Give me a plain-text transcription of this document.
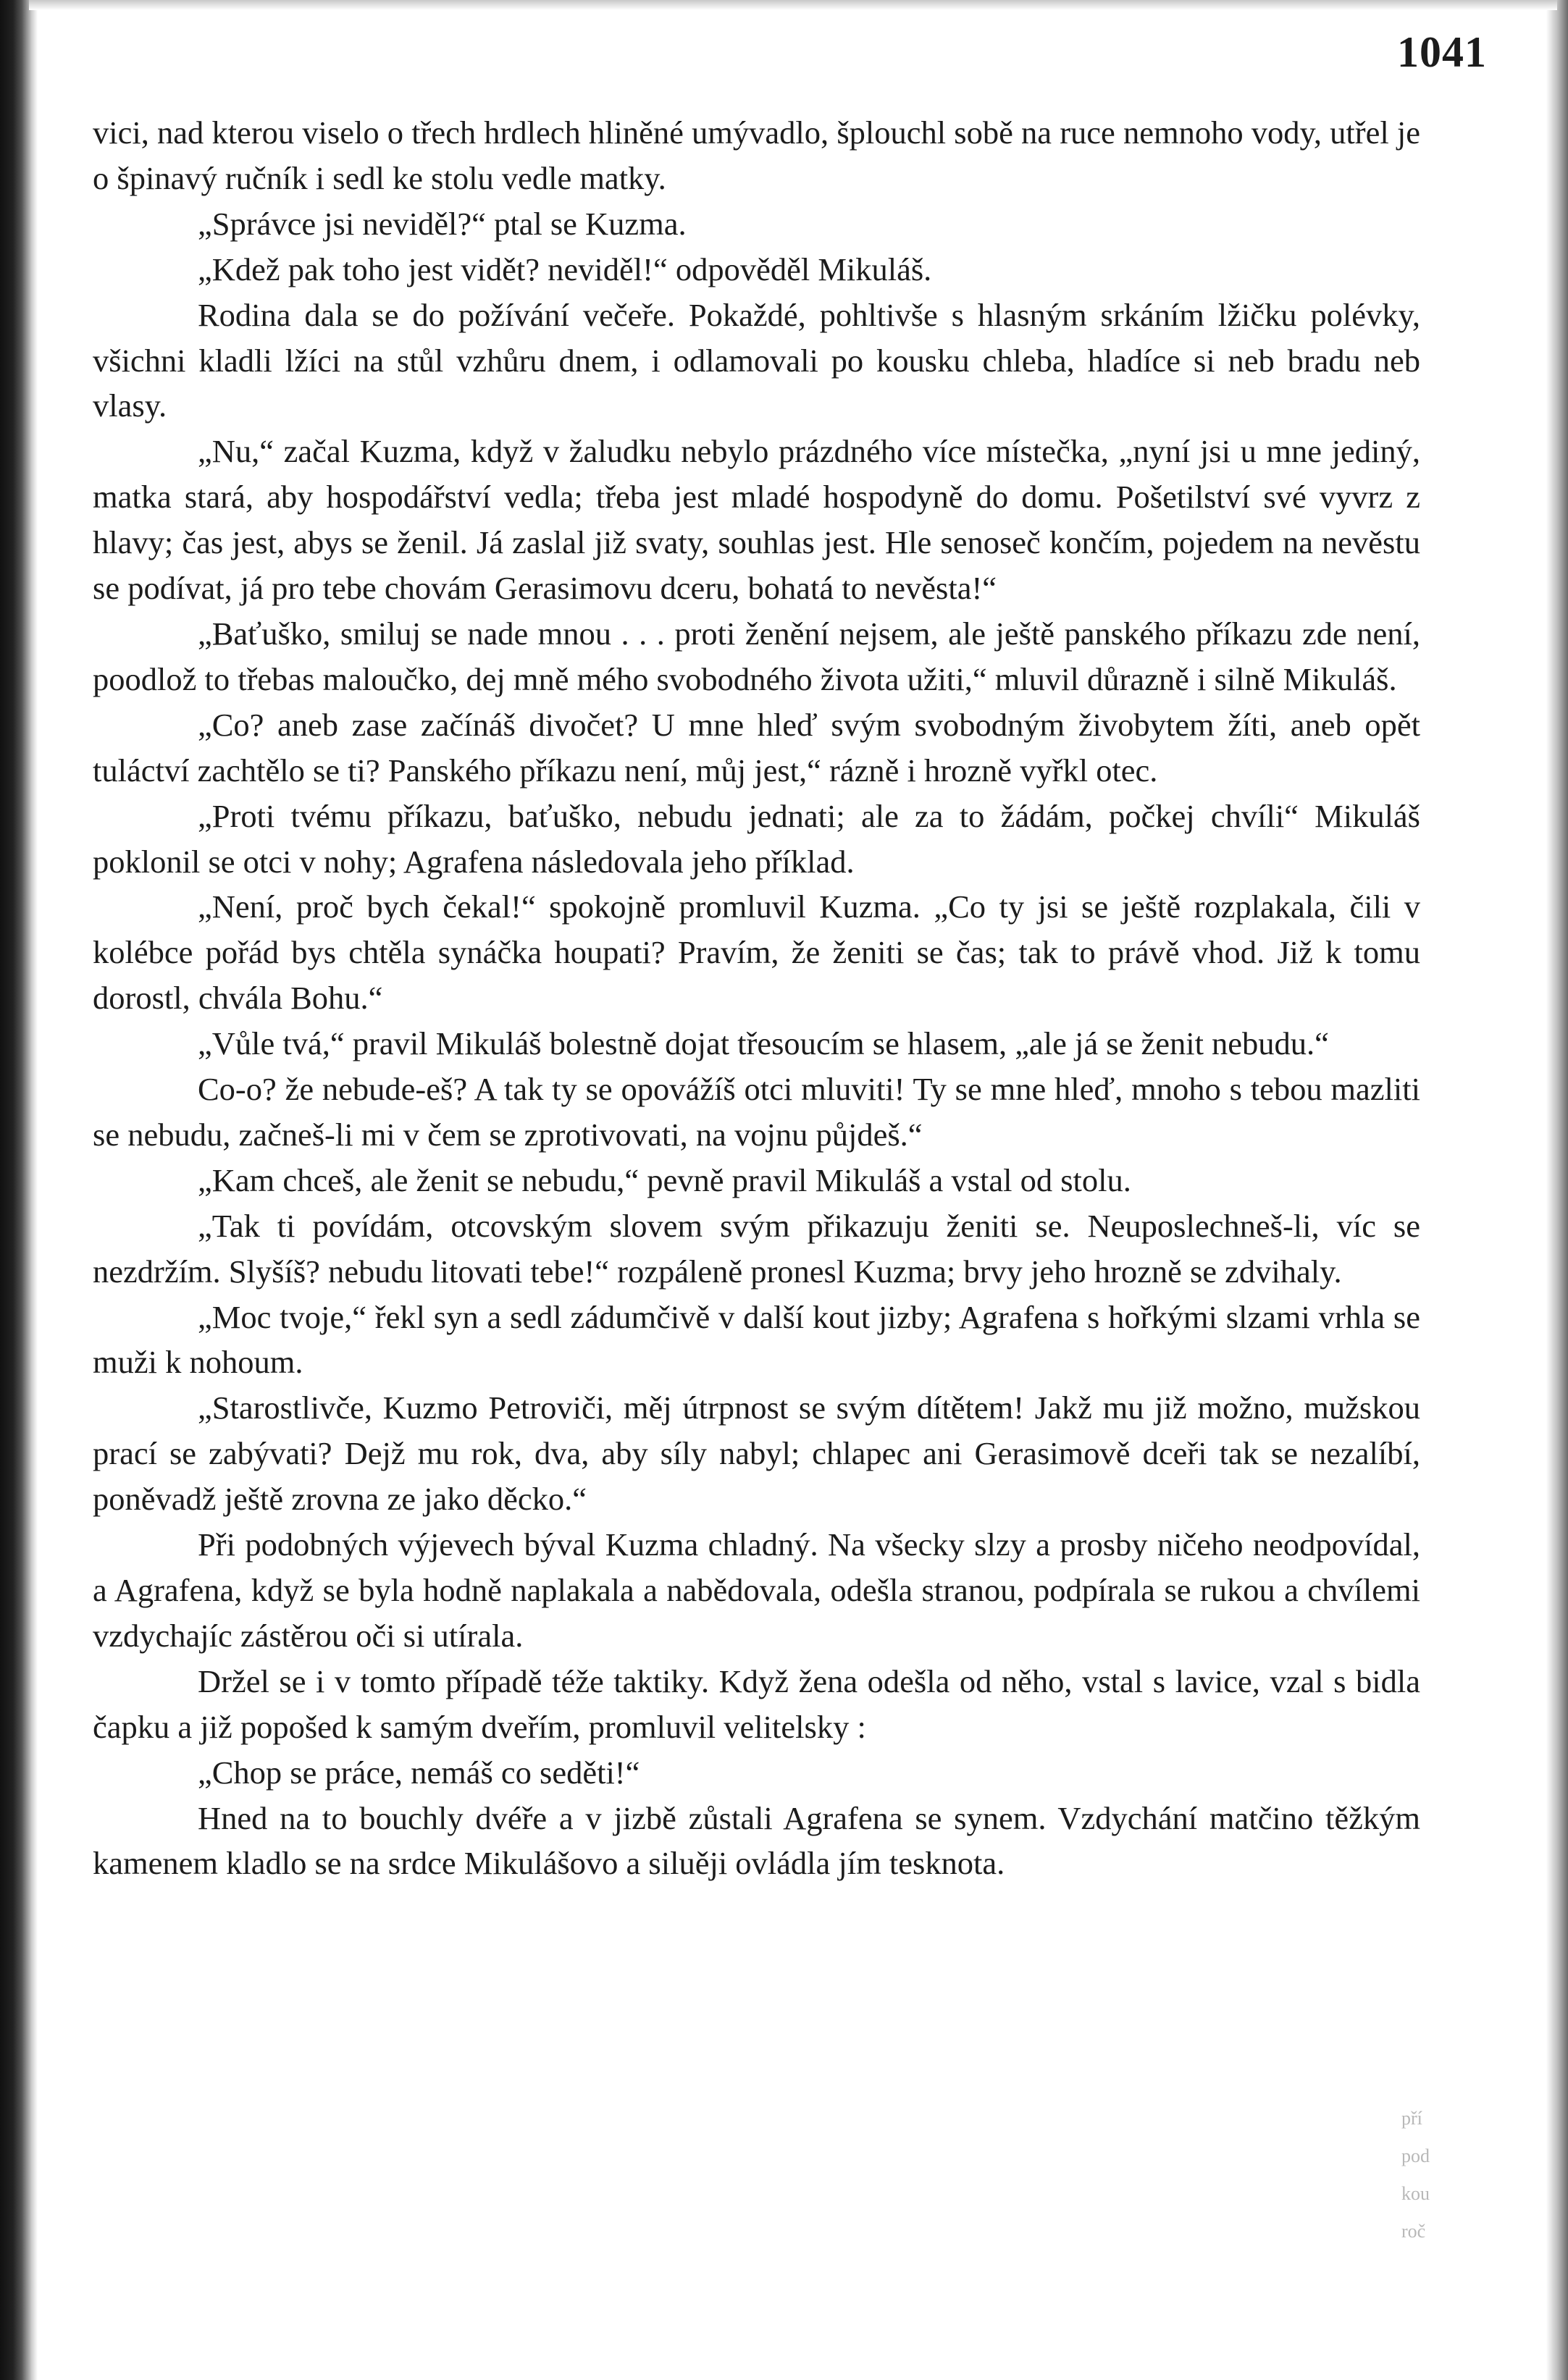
pří
pod
kou
roč
1041

vici, nad kterou viselo o třech hrdlech hliněné umývadlo, šplouchl sobě na ruce nemnoho vody, utřel je o špinavý ručník i sedl ke stolu vedle matky.

„Správce jsi neviděl?“ ptal se Kuzma.

„Kdež pak toho jest vidět? neviděl!“ odpověděl Mikuláš.

Rodina dala se do požívání večeře. Pokaždé, pohltivše s hlasným srkáním lžičku polévky, všichni kladli lžíci na stůl vzhůru dnem, i odlamovali po kousku chleba, hladíce si neb bradu neb vlasy.

„Nu,“ začal Kuzma, když v žaludku nebylo prázdného více místečka, „nyní jsi u mne jediný, matka stará, aby hospodářství vedla; třeba jest mladé hospodyně do domu. Pošetilství své vyvrz z hlavy; čas jest, abys se ženil. Já zaslal již svaty, souhlas jest. Hle senoseč končím, pojedem na nevěstu se podívat, já pro tebe chovám Gerasimovu dceru, bohatá to nevěsta!“

„Baťuško, smiluj se nade mnou . . . proti ženění nejsem, ale ještě panského příkazu zde není, poodlož to třebas maloučko, dej mně mého svobodného života užiti,“ mluvil důrazně i silně Mikuláš.

„Co? aneb zase začínáš divočet? U mne hleď svým svobodným živobytem žíti, aneb opět tuláctví zachtělo se ti? Panského příkazu není, můj jest,“ rázně i hrozně vyřkl otec.

„Proti tvému příkazu, baťuško, nebudu jednati; ale za to žádám, počkej chvíli“ Mikuláš poklonil se otci v nohy; Agrafena následovala jeho příklad.

„Není, proč bych čekal!“ spokojně promluvil Kuzma. „Co ty jsi se ještě rozplakala, čili v kolébce pořád bys chtěla synáčka houpati? Pravím, že ženiti se čas; tak to právě vhod. Již k tomu dorostl, chvála Bohu.“

„Vůle tvá,“ pravil Mikuláš bolestně dojat třesoucím se hlasem, „ale já se ženit nebudu.“

Co-o? že nebude-eš? A tak ty se opovážíš otci mluviti! Ty se mne hleď, mnoho s tebou mazliti se nebudu, začneš-li mi v čem se zprotivovati, na vojnu půjdeš.“

„Kam chceš, ale ženit se nebudu,“ pevně pravil Mikuláš a vstal od stolu.

„Tak ti povídám, otcovským slovem svým přikazuju ženiti se. Neuposlechneš-li, víc se nezdržím. Slyšíš? nebudu litovati tebe!“ rozpáleně pronesl Kuzma; brvy jeho hrozně se zdvihaly.

„Moc tvoje,“ řekl syn a sedl zádumčivě v další kout jizby; Agrafena s hořkými slzami vrhla se muži k nohoum.

„Starostlivče, Kuzmo Petroviči, měj útrpnost se svým dítětem! Jakž mu již možno, mužskou prací se zabývati? Dejž mu rok, dva, aby síly nabyl; chlapec ani Gerasimově dceři tak se nezalíbí, poněvadž ještě zrovna ze jako děcko.“

Při podobných výjevech býval Kuzma chladný. Na všecky slzy a prosby ničeho neodpovídal, a Agrafena, když se byla hodně naplakala a nabědovala, odešla stranou, podpírala se rukou a chvílemi vzdychajíc zástěrou oči si utírala.

Držel se i v tomto případě téže taktiky. Když žena odešla od něho, vstal s lavice, vzal s bidla čapku a již popošed k samým dveřím, promluvil velitelsky :

„Chop se práce, nemáš co seděti!“

Hned na to bouchly dvéře a v jizbě zůstali Agrafena se synem. Vzdychání matčino těžkým kamenem kladlo se na srdce Mikulášovo a siluěji ovládla jím tesknota.
